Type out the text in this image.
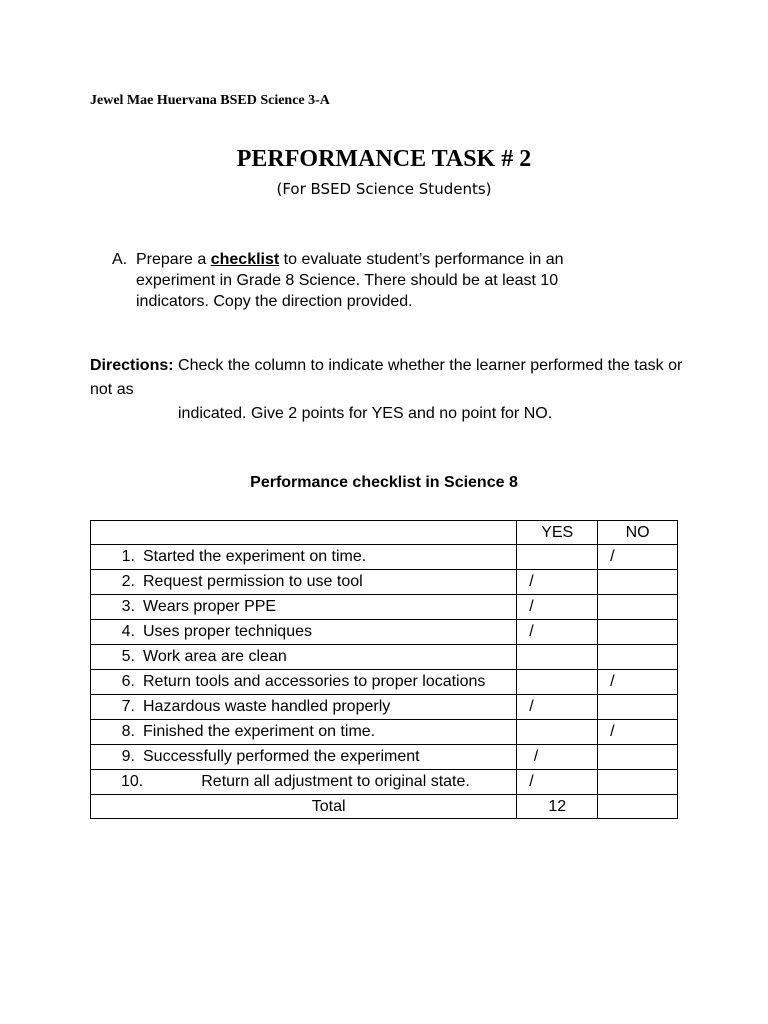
Jewel Mae Huervana BSED Science 3-A
PERFORMANCE TASK # 2
(For BSED Science Students)
A. Prepare a checklist to evaluate student’s performance in an experiment in Grade 8 Science. There should be at least 10 indicators. Copy the direction provided.
Directions: Check the column to indicate whether the learner performed the task or not as
indicated. Give 2 points for YES and no point for NO.
Performance checklist in Science 8
	YES	NO

1. Started the experiment on time.		/

2. Request permission to use tool	/	

3. Wears proper PPE	/	

4. Uses proper techniques	/	

5. Work area are clean		

6. Return tools and accessories to proper locations		/

7. Hazardous waste handled properly	/	

8. Finished the experiment on time.		/

9. Successfully performed the experiment	/	

10. Return all adjustment to original state.	/	
Total	12	
